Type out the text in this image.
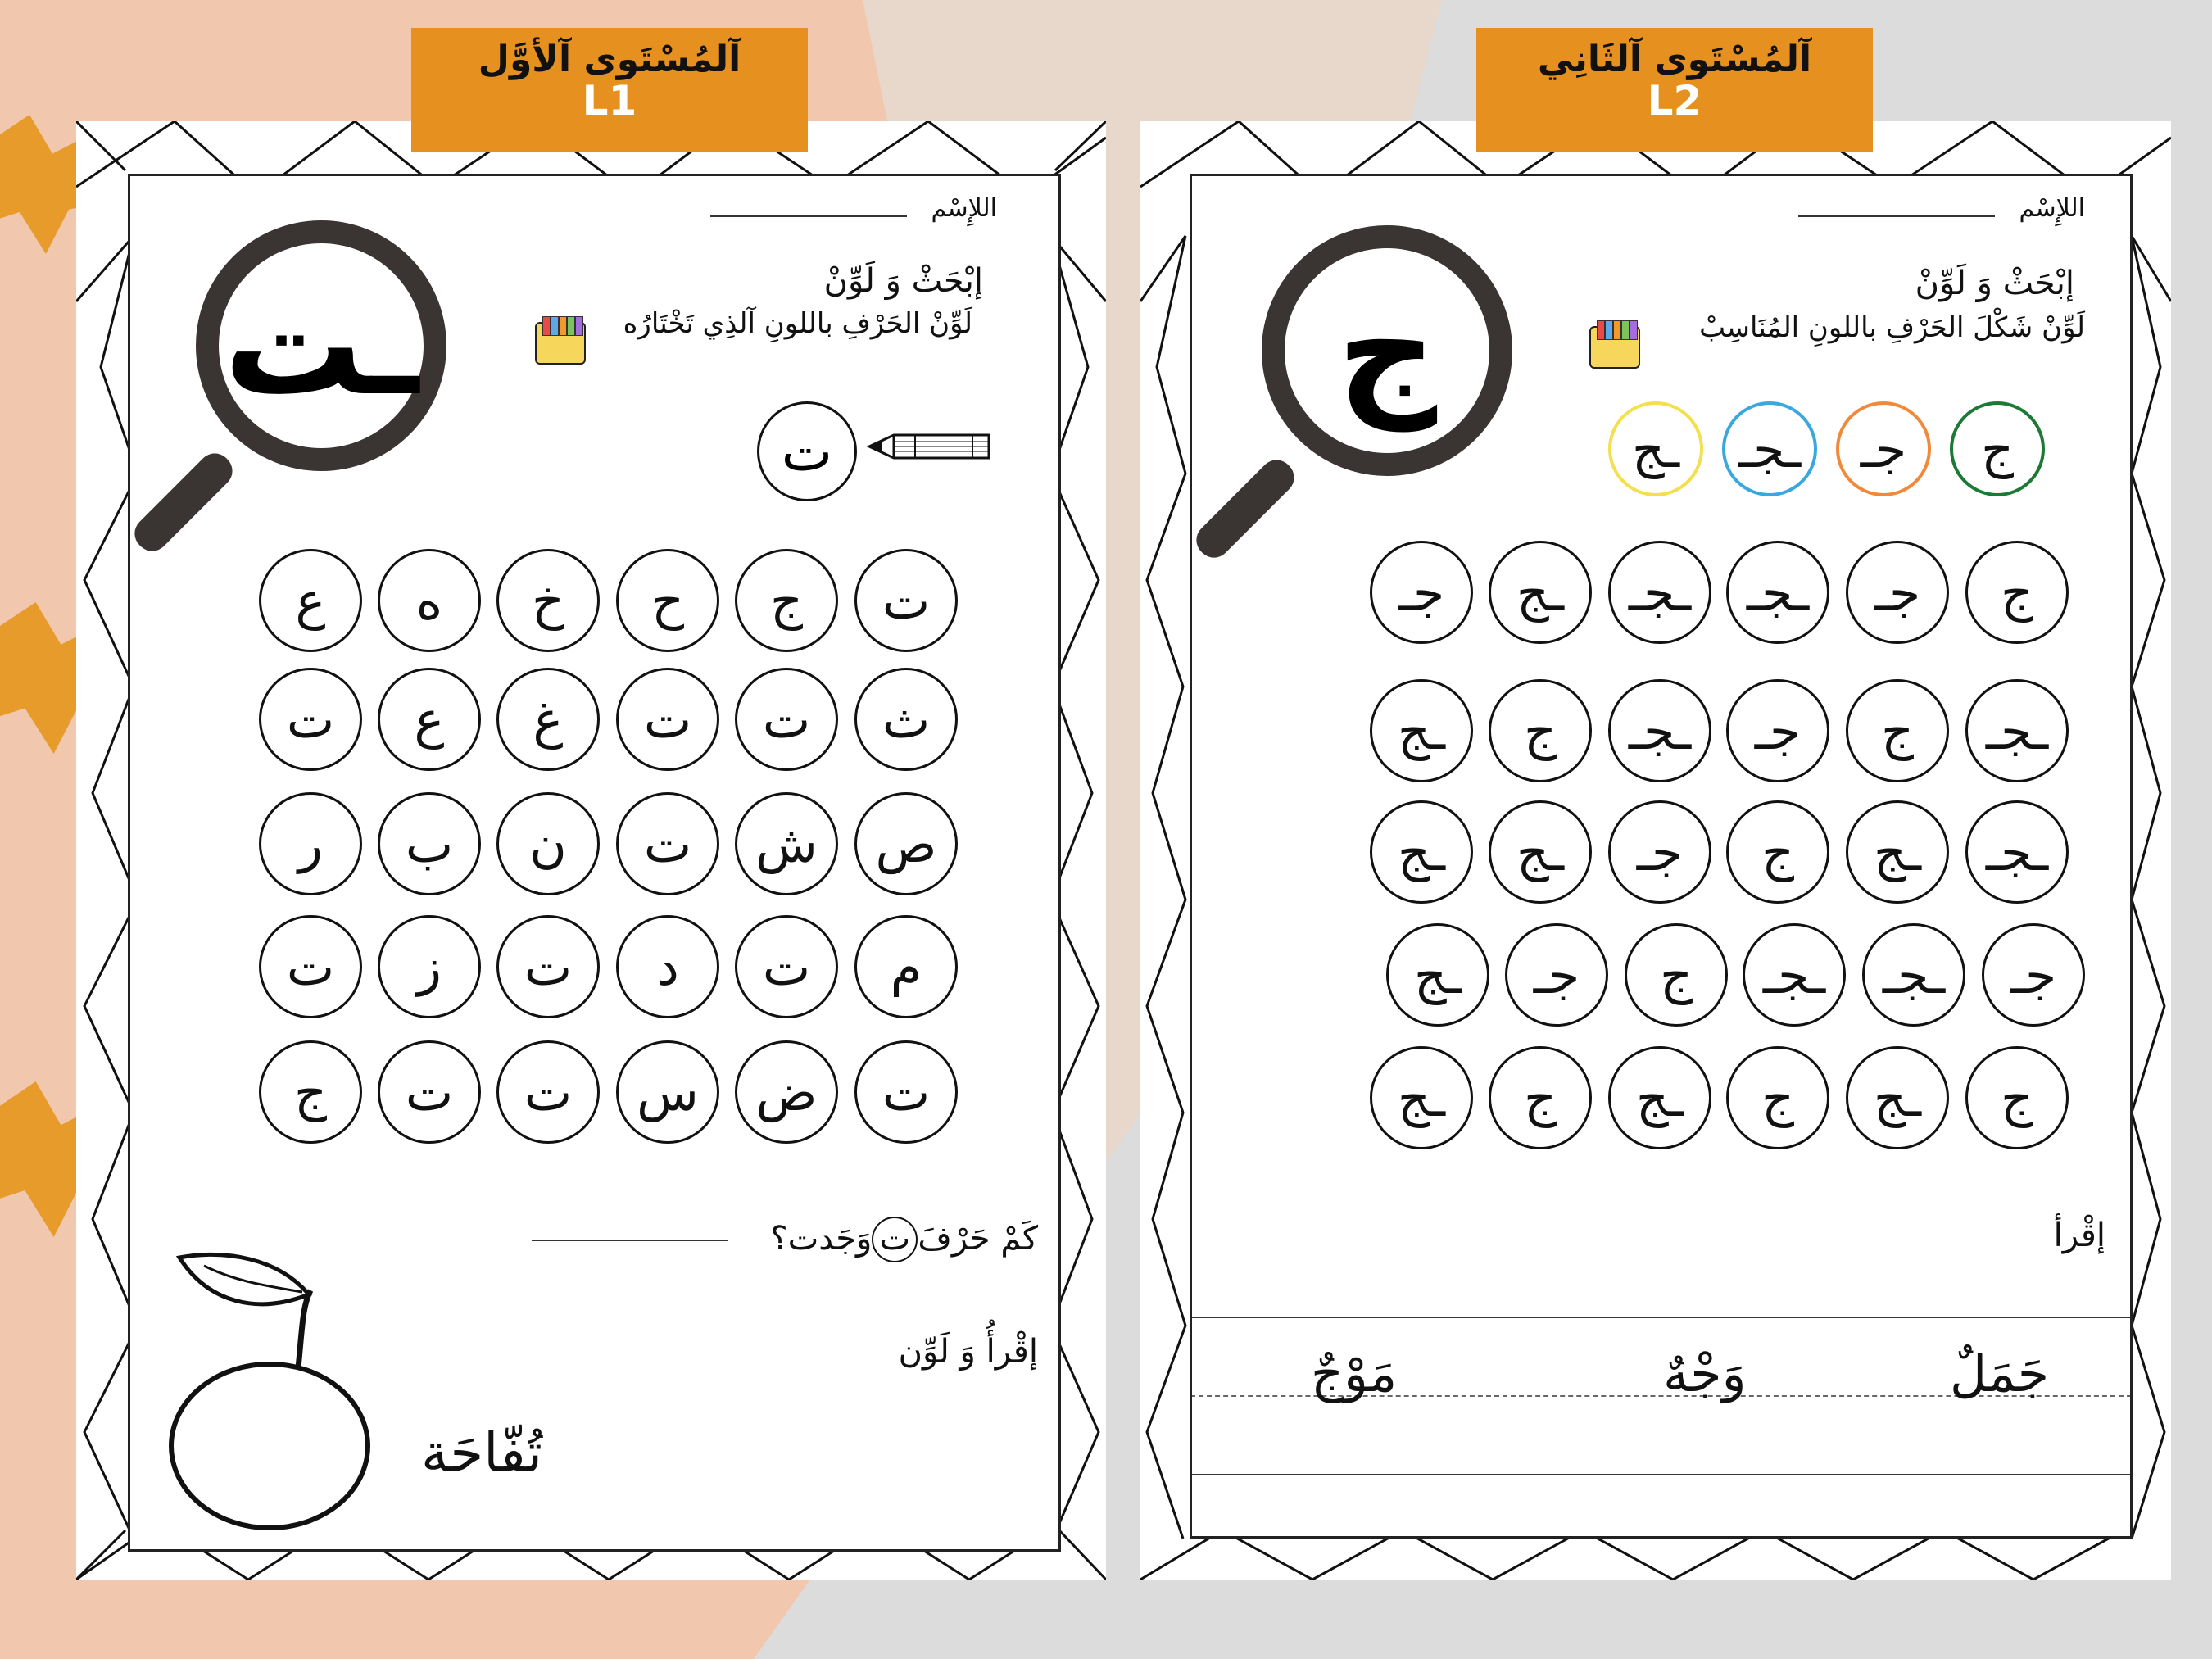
آلمُسْتَوى آلأوَّل
L1
آلمُسْتَوى آلثَانِي
L2
اللإِسْم
ـت	إبْحَثْ وَ لَوِّنْ
لَوِّنْ الحَرْفِ باللونِ آلذِي تَخْتَارُه
ت
ت
ج
ح
خ
ه
ع
ث
ت
ت
غ
ع
ت
ص
ش
ت
ن
ب
ر
م
ت
د
ت
ز
ت
ت
ض
س
ت
ت
ج
كَمْ حَرْفَتوَجَدت؟
إقْرأُ وَ لَوِّن
تُفّاحَة
اللإِسْم
ج	إبْحَثْ وَ لَوِّنْ
لَوِّنْ شَكْلَ الحَرْفِ باللونِ المُنَاسِبْ
ج
جـ
ـجـ
ـج
ج
جـ
ـجـ
ـجـ
ـج
جـ
ـجـ
ج
جـ
ـجـ
ج
ـج
ـجـ
ـج
ج
جـ
ـج
ـج
جـ
ـجـ
ـجـ
ج
جـ
ـج
ج
ـج
ج
ـج
ج
ـج
إقْرأ
جَمَلٌ
وَجْهٌ
مَوْجٌ
